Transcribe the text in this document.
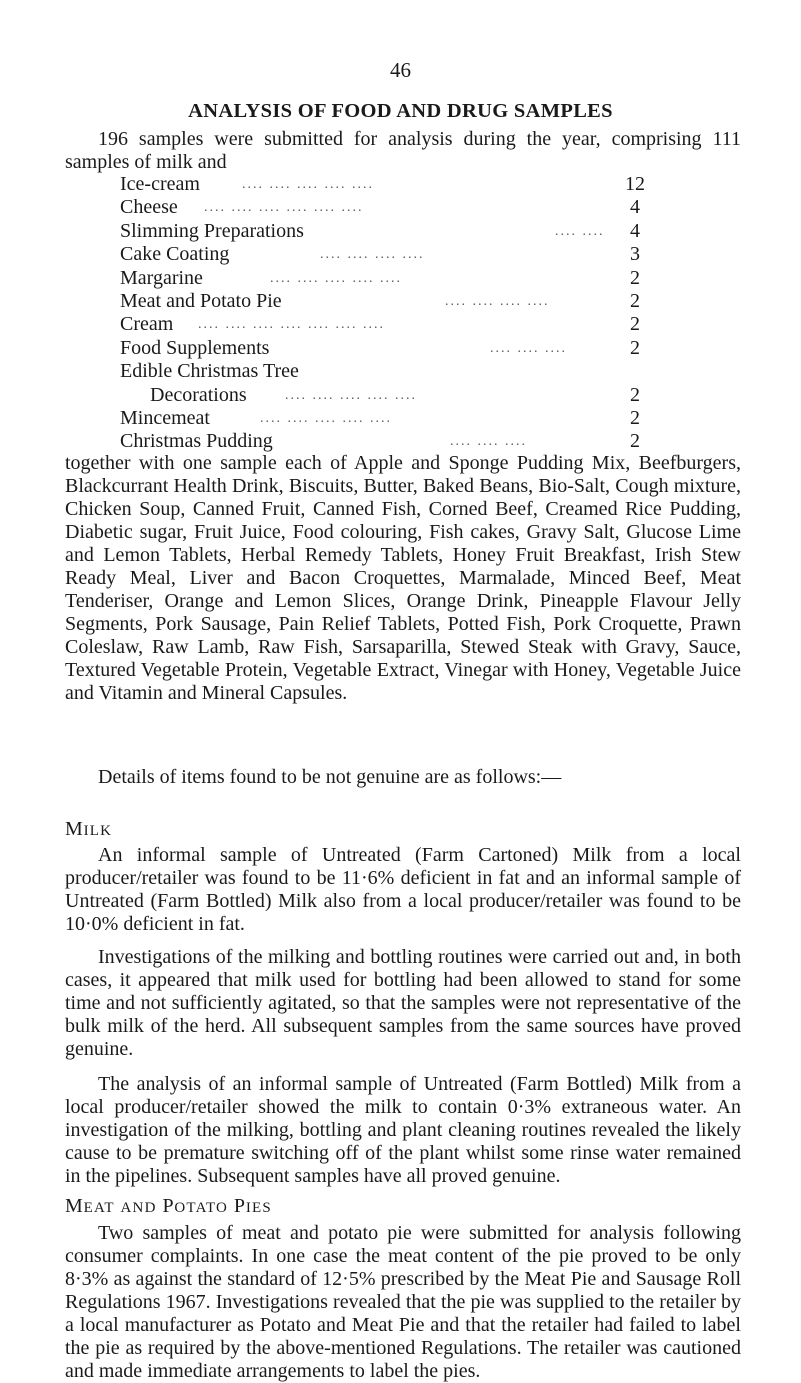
46
ANALYSIS OF FOOD AND DRUG SAMPLES
196 samples were submitted for analysis during the year, comprising 111 samples of milk and
Ice-cream	.... .... .... .... ....	12
Cheese .... .... .... .... .... ....	4
Slimming Preparations	.... .... 4
Cake Coating	.... .... .... ....	3
Margarine	.... .... .... .... ....	2
Meat and Potato Pie	.... .... .... ....	2
Cream .... .... .... .... .... .... ....	2
Food Supplements	.... .... ....	2
Edible Christmas Tree
Decorations	.... .... .... .... ....	2
Mincemeat	.... .... .... .... ....	2
Christmas Pudding	.... .... ....	2
together with one sample each of Apple and Sponge Pudding Mix, Beefburgers, Blackcurrant Health Drink, Biscuits, Butter, Baked Beans, Bio-Salt, Cough mixture, Chicken Soup, Canned Fruit, Canned Fish, Corned Beef, Creamed Rice Pudding, Diabetic sugar, Fruit Juice, Food colouring, Fish cakes, Gravy Salt, Glucose Lime and Lemon Tablets, Herbal Remedy Tablets, Honey Fruit Breakfast, Irish Stew Ready Meal, Liver and Bacon Croquettes, Marmalade, Minced Beef, Meat Tenderiser, Orange and Lemon Slices, Orange Drink, Pineapple Flavour Jelly Segments, Pork Sausage, Pain Relief Tablets, Potted Fish, Pork Croquette, Prawn Coleslaw, Raw Lamb, Raw Fish, Sarsaparilla, Stewed Steak with Gravy, Sauce, Textured Vegetable Protein, Vegetable Extract, Vinegar with Honey, Vegetable Juice and Vitamin and Mineral Capsules.
Details of items found to be not genuine are as follows:—
MILK
An informal sample of Untreated (Farm Cartoned) Milk from a local producer/retailer was found to be 11·6% deficient in fat and an informal sample of Untreated (Farm Bottled) Milk also from a local producer/retailer was found to be 10·0% deficient in fat.
Investigations of the milking and bottling routines were carried out and, in both cases, it appeared that milk used for bottling had been allowed to stand for some time and not sufficiently agitated, so that the samples were not representative of the bulk milk of the herd. All subsequent samples from the same sources have proved genuine.
The analysis of an informal sample of Untreated (Farm Bottled) Milk from a local producer/retailer showed the milk to contain 0·3% extraneous water. An investigation of the milking, bottling and plant cleaning routines revealed the likely cause to be premature switching off of the plant whilst some rinse water remained in the pipelines. Subsequent samples have all proved genuine.
MEAT AND POTATO PIES
Two samples of meat and potato pie were submitted for analysis following consumer complaints. In one case the meat content of the pie proved to be only 8·3% as against the standard of 12·5% prescribed by the Meat Pie and Sausage Roll Regulations 1967. Investigations revealed that the pie was supplied to the retailer by a local manufacturer as Potato and Meat Pie and that the retailer had failed to label the pie as required by the above-mentioned Regulations. The retailer was cautioned and made immediate arrangements to label the pies.
